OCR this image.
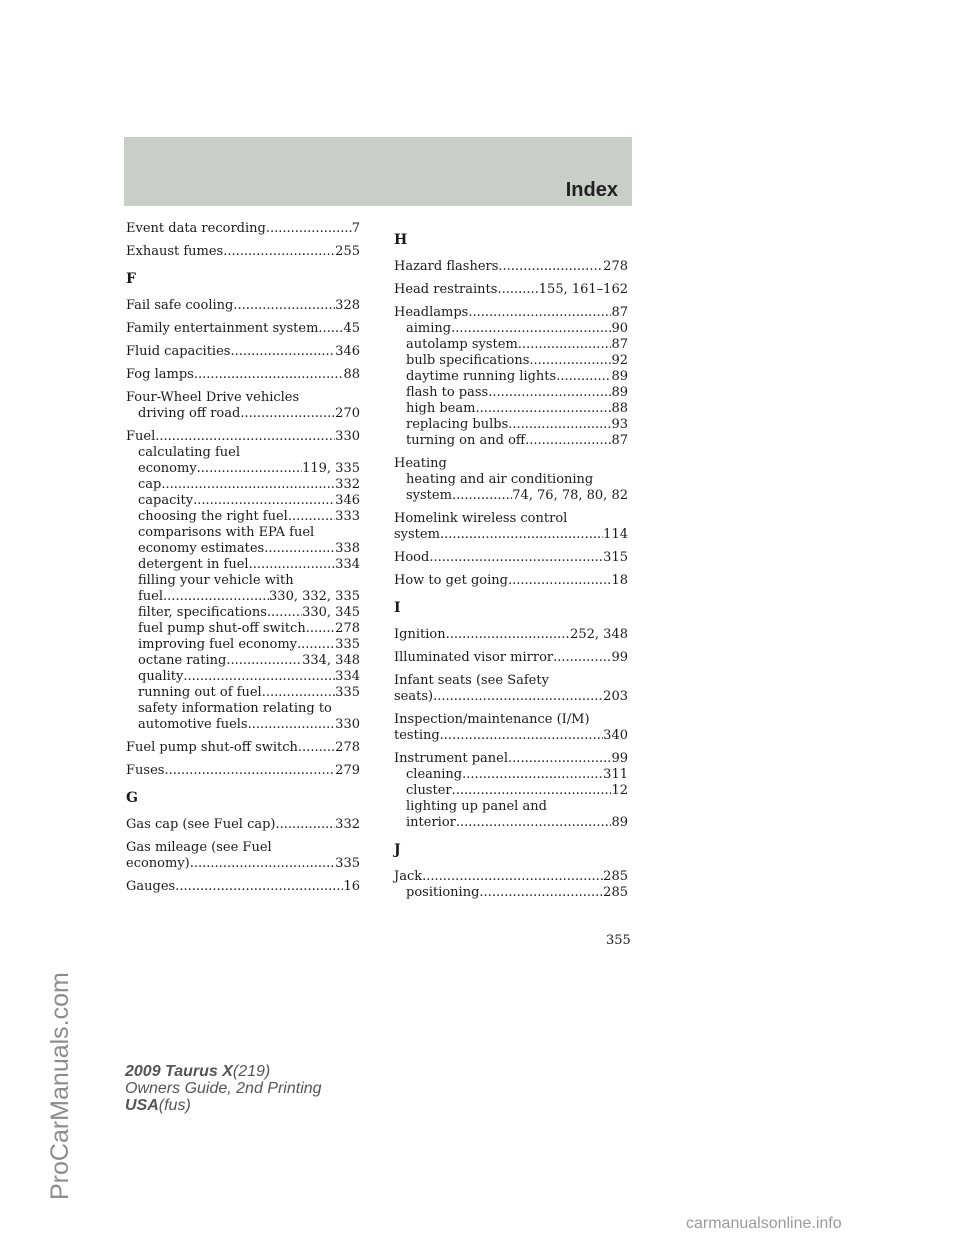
Index
Event data recording .....	7
Exhaust fumes .....	255
F
Fail safe cooling .....	328
Family entertainment system ..... 45
Fluid capacities .....	346
Fog lamps .....	88
Four-Wheel Drive vehicles
driving off road .....	270
Fuel .....	330
calculating fuel
economy .....	119, 335
cap .....	332
capacity .....	346
choosing the right fuel .....	333
comparisons with EPA fuel
economy estimates .....	338
detergent in fuel .....	334
filling your vehicle with
fuel .....	330, 332, 335
filter, specifications .....	330, 345
fuel pump shut-off switch ..... 278
improving fuel economy .....	335
octane rating .....	334, 348
quality .....	334
running out of fuel .....	335
safety information relating to
automotive fuels .....	330
Fuel pump shut-off switch .....	278
Fuses .....	279
G
Gas cap (see Fuel cap) .....	332
Gas mileage (see Fuel
economy) .....	335
Gauges .....	16
H
Hazard flashers .....	278
Head restraints .....	155, 161–162
Headlamps .....	87
aiming .....	90
autolamp system .....	87
bulb specifications .....	92
daytime running lights .....	89
flash to pass .....	89
high beam .....	88
replacing bulbs .....	93
turning on and off .....	87
Heating
heating and air conditioning
system .....	74, 76, 78, 80, 82
Homelink wireless control
system .....	114
Hood .....	315
How to get going .....	18
I
Ignition .....	252, 348
Illuminated visor mirror .....	99
Infant seats (see Safety
seats) .....	203
Inspection/maintenance (I/M)
testing .....	340
Instrument panel .....	99
cleaning .....	311
cluster .....	12
lighting up panel and
interior .....	89
J
Jack .....	285
positioning .....	285
355
2009 Taurus X(219)
Owners Guide, 2nd Printing
USA(fus)
ProCarManuals.com
carmanualsonline.info
